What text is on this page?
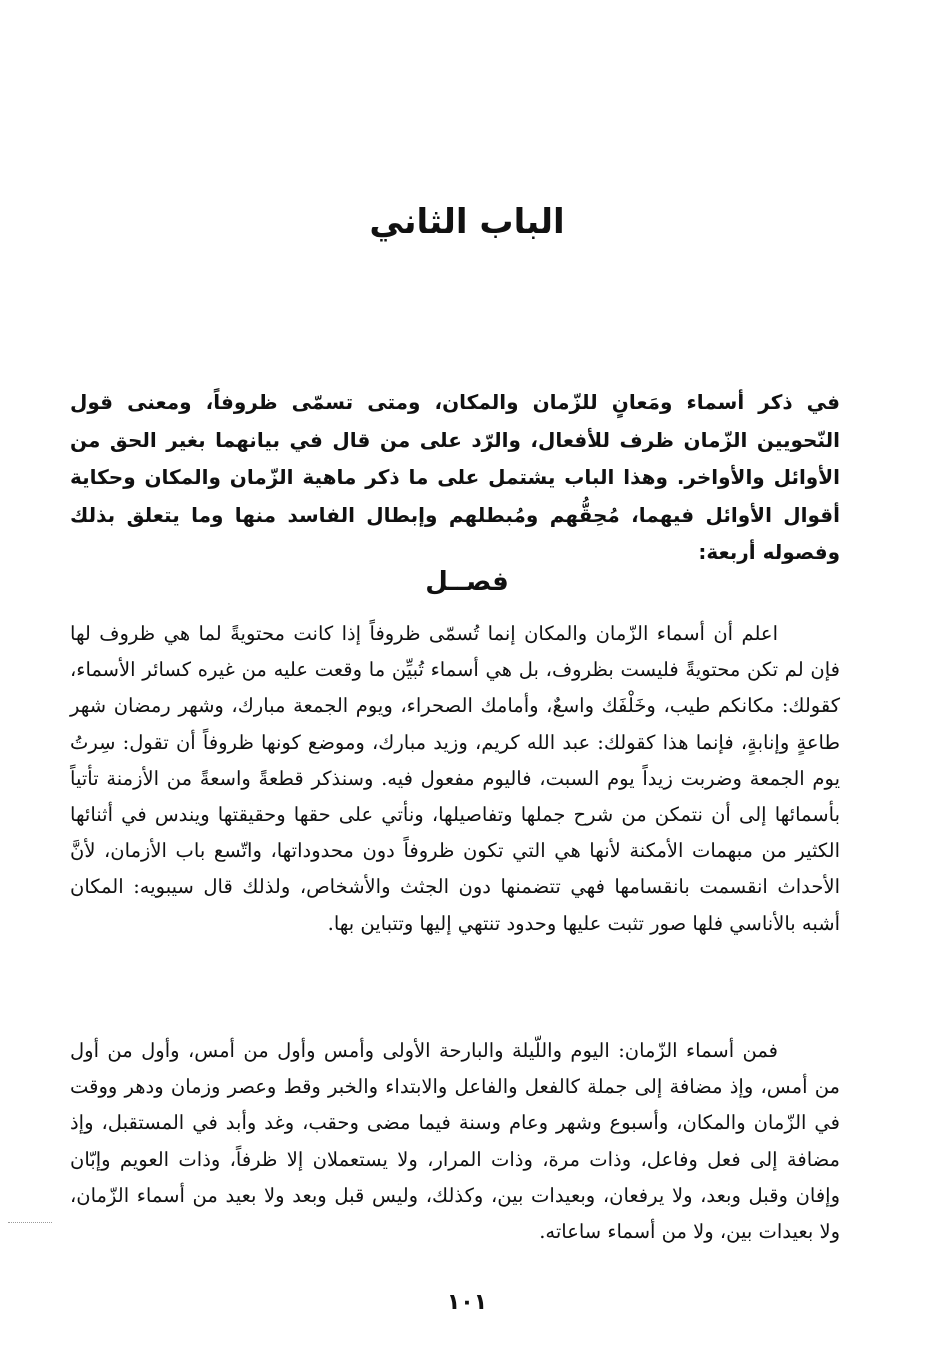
الباب الثاني

في ذكر أسماء ومَعانٍ للزّمان والمكان، ومتى تسمّى ظروفاً، ومعنى قول النّحويين الزّمان ظرف للأفعال، والرّد على من قال في بيانهما بغير الحق من الأوائل والأواخر. وهذا الباب يشتمل على ما ذكر ماهية الزّمان والمكان وحكاية أقوال الأوائل فيهما، مُحِقُّهم ومُبطلهم وإبطال الفاسد منها وما يتعلق بذلك وفصوله أربعة:

فصــل

اعلم أن أسماء الزّمان والمكان إنما تُسمّى ظروفاً إذا كانت محتويةً لما هي ظروف لها فإن لم تكن محتويةً فليست بظروف، بل هي أسماء تُبيِّن ما وقعت عليه من غيره كسائر الأسماء، كقولك: مكانكم طيب، وخَلْفَك واسعٌ، وأمامك الصحراء، ويوم الجمعة مبارك، وشهر رمضان شهر طاعةٍ وإنابةٍ، فإنما هذا كقولك: عبد الله كريم، وزيد مبارك، وموضع كونها ظروفاً أن تقول: سِرتُ يوم الجمعة وضربت زيداً يوم السبت، فاليوم مفعول فيه. وسنذكر قطعةً واسعةً من الأزمنة تأتياً بأسمائها إلى أن نتمكن من شرح جملها وتفاصيلها، ونأتي على حقها وحقيقتها ويندس في أثنائها الكثير من مبهمات الأمكنة لأنها هي التي تكون ظروفاً دون محدوداتها، واتّسع باب الأزمان، لأنَّ الأحداث انقسمت بانقسامها فهي تتضمنها دون الجثث والأشخاص، ولذلك قال سيبويه: المكان أشبه بالأناسي فلها صور تثبت عليها وحدود تنتهي إليها وتتباين بها.

فمن أسماء الزّمان: اليوم واللّيلة والبارحة الأولى وأمس وأول من أمس، وأول من أول من أمس، وإذ مضافة إلى جملة كالفعل والفاعل والابتداء والخبر وقط وعصر وزمان ودهر ووقت في الزّمان والمكان، وأسبوع وشهر وعام وسنة فيما مضى وحقب، وغد وأبد في المستقبل، وإذ مضافة إلى فعل وفاعل، وذات مرة، وذات المرار، ولا يستعملان إلا ظرفاً، وذات العويم وإبّان وإفان وقبل وبعد، ولا يرفعان، وبعيدات بين، وكذلك، وليس قبل وبعد ولا بعيد من أسماء الزّمان، ولا بعيدات بين، ولا من أسماء ساعاته.

١٠١
